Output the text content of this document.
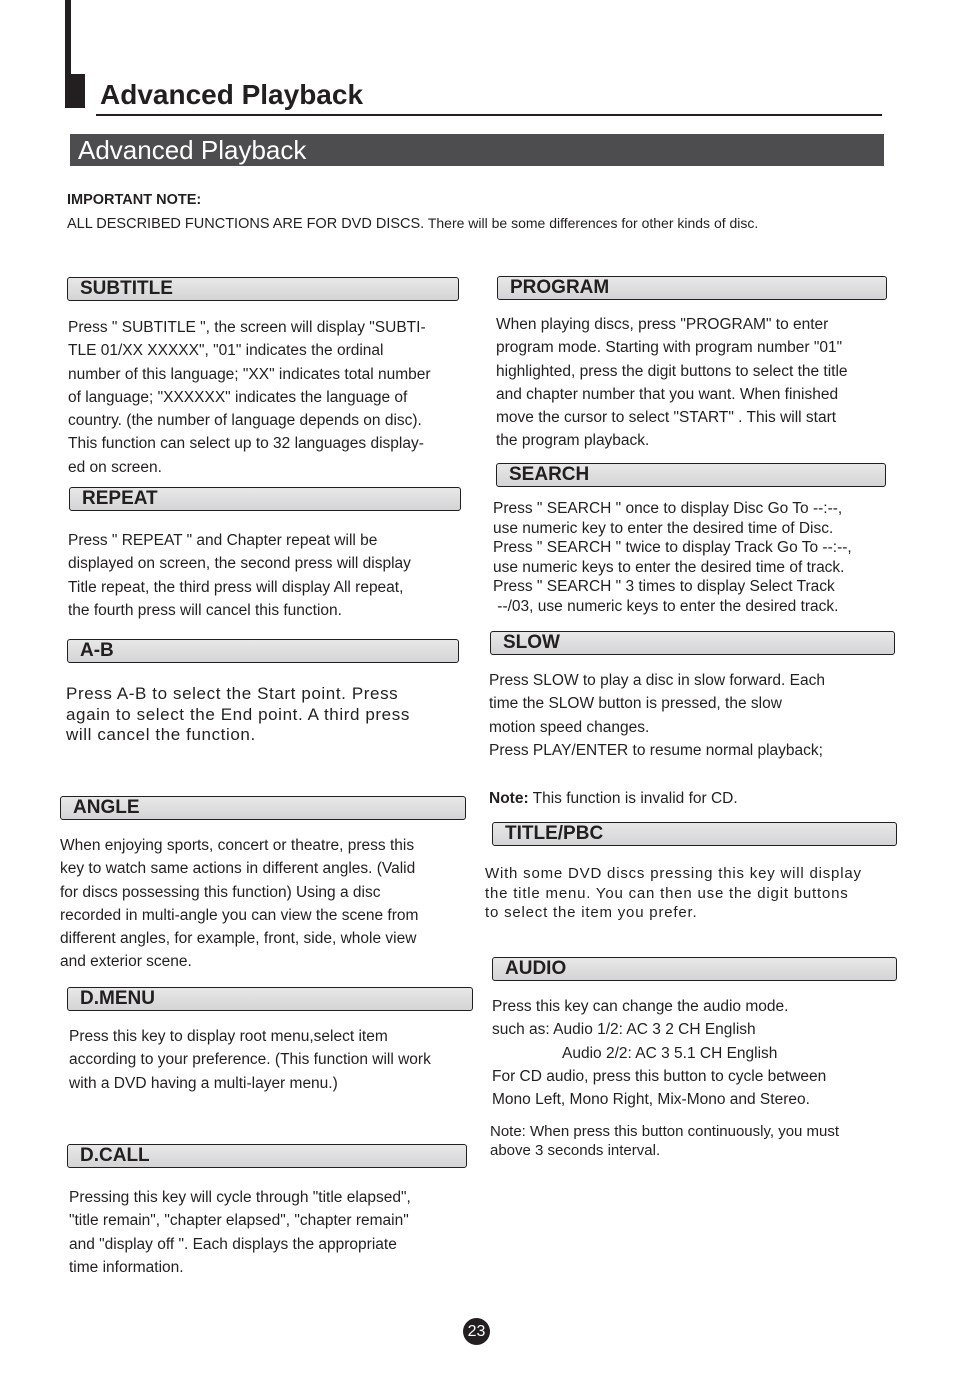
Advanced Playback
Advanced Playback
IMPORTANT NOTE:
ALL DESCRIBED FUNCTIONS ARE FOR DVD DISCS. There will be some differences for other kinds of disc.
SUBTITLE
Press " SUBTITLE ", the screen will display "SUBTI-
TLE 01/XX XXXXX", "01" indicates the ordinal
number of this language; "XX" indicates total number
of language; "XXXXXX" indicates the language of
country. (the number of language depends on disc).
This function can select up to 32 languages display-
ed on screen.
REPEAT
Press " REPEAT " and Chapter repeat will be
displayed on screen, the second press will display
Title repeat, the third press will display All repeat,
the fourth press will cancel this function.
A-B
Press A-B to select the Start point. Press
again to select the End point. A third press
will cancel the function.
ANGLE
When enjoying sports, concert or theatre, press this
key to watch same actions in different angles. (Valid
for discs possessing this function) Using a disc
recorded in multi-angle you can view the scene from
different angles, for example, front, side, whole view
and exterior scene.
D.MENU
Press this key to display root menu,select item
according to your preference. (This function will work
with a DVD having a multi-layer menu.)
D.CALL
Pressing this key will cycle through "title elapsed",
"title remain", "chapter elapsed", "chapter remain"
and "display off ". Each displays the appropriate
time information.
PROGRAM
When playing discs, press "PROGRAM" to enter
program mode. Starting with program number "01"
highlighted, press the digit buttons to select the title
and chapter number that you want. When finished
move the cursor to select "START" . This will start
the program playback.
SEARCH
Press " SEARCH " once to display Disc Go To --:--,
use numeric key to enter the desired time of Disc.
Press " SEARCH " twice to display Track Go To --:--,
use numeric keys to enter the desired time of track.
Press " SEARCH " 3 times to display Select Track
--/03, use numeric keys to enter the desired track.
SLOW
Press SLOW to play a disc in slow forward. Each
time the SLOW button is pressed, the slow
motion speed changes.
Press PLAY/ENTER to resume normal playback;
Note: This function is invalid for CD.
TITLE/PBC
With some DVD discs pressing this key will display
the title menu. You can then use the digit buttons
to select the item you prefer.
AUDIO
Press this key can change the audio mode.
such as: Audio 1/2: AC 3 2 CH English
Audio 2/2: AC 3 5.1 CH English
For CD audio, press this button to cycle between
Mono Left, Mono Right, Mix-Mono and Stereo.
Note: When press this button continuously, you must
above 3 seconds interval.
23
